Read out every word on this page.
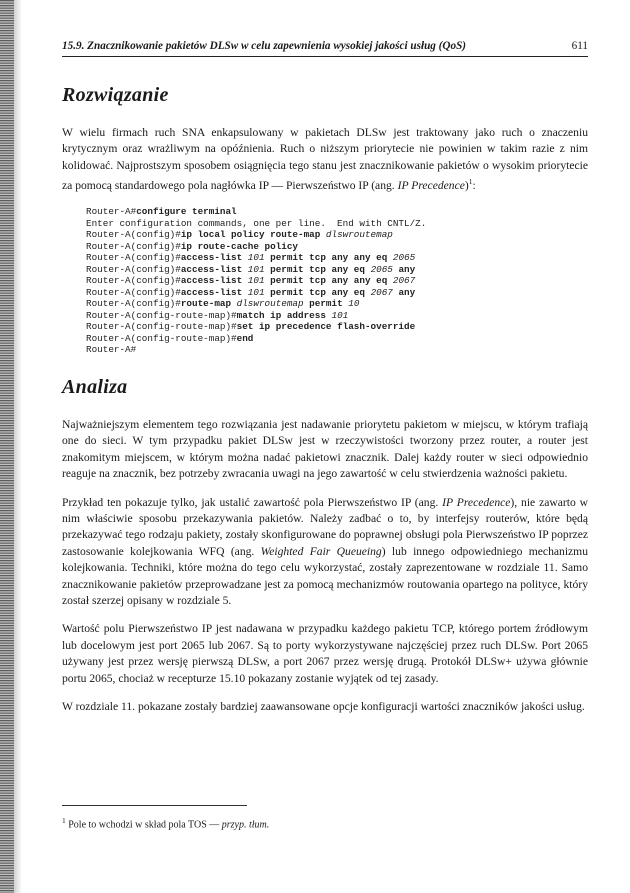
15.9. Znacznikowanie pakietów DLSw w celu zapewnienia wysokiej jakości usług (QoS)	611
Rozwiązanie

W wielu firmach ruch SNA enkapsulowany w pakietach DLSw jest traktowany jako ruch o znaczeniu krytycznym oraz wrażliwym na opóźnienia. Ruch o niższym priorytecie nie powinien w takim razie z nim kolidować. Najprostszym sposobem osiągnięcia tego stanu jest znacznikowanie pakietów o wysokim priorytecie za pomocą standardowego pola nagłówka IP — Pierwszeństwo IP (ang. IP Precedence)$^1$:

Router-A#configure terminal
Enter configuration commands, one per line.  End with CNTL/Z.
Router-A(config)#ip local policy route-map dlswroutemap
Router-A(config)#ip route-cache policy
Router-A(config)#access-list 101 permit tcp any any eq 2065
Router-A(config)#access-list 101 permit tcp any eq 2065 any
Router-A(config)#access-list 101 permit tcp any any eq 2067
Router-A(config)#access-list 101 permit tcp any eq 2067 any
Router-A(config)#route-map dlswroutemap permit 10
Router-A(config-route-map)#match ip address 101
Router-A(config-route-map)#set ip precedence flash-override
Router-A(config-route-map)#end
Router-A#
Analiza

Najważniejszym elementem tego rozwiązania jest nadawanie priorytetu pakietom w miejscu, w którym trafiają one do sieci. W tym przypadku pakiet DLSw jest w rzeczywistości tworzony przez router, a router jest znakomitym miejscem, w którym można nadać pakietowi znacznik. Dalej każdy router w sieci odpowiednio reaguje na znacznik, bez potrzeby zwracania uwagi na jego zawartość w celu stwierdzenia ważności pakietu.

Przykład ten pokazuje tylko, jak ustalić zawartość pola Pierwszeństwo IP (ang. IP Precedence), nie zawarto w nim właściwie sposobu przekazywania pakietów. Należy zadbać o to, by interfejsy routerów, które będą przekazywać tego rodzaju pakiety, zostały skonfigurowane do poprawnej obsługi pola Pierwszeństwo IP poprzez zastosowanie kolejkowania WFQ (ang. Weighted Fair Queueing) lub innego odpowiedniego mechanizmu kolejkowania. Techniki, które można do tego celu wykorzystać, zostały zaprezentowane w rozdziale 11. Samo znacznikowanie pakietów przeprowadzane jest za pomocą mechanizmów routowania opartego na polityce, który został szerzej opisany w rozdziale 5.

Wartość polu Pierwszeństwo IP jest nadawana w przypadku każdego pakietu TCP, którego portem źródłowym lub docelowym jest port 2065 lub 2067. Są to porty wykorzystywane najczęściej przez ruch DLSw. Port 2065 używany jest przez wersję pierwszą DLSw, a port 2067 przez wersję drugą. Protokół DLSw+ używa głównie portu 2065, chociaż w recepturze 15.10 pokazany zostanie wyjątek od tej zasady.

W rozdziale 11. pokazane zostały bardziej zaawansowane opcje konfiguracji wartości znaczników jakości usług.

$^1$ Pole to wchodzi w skład pola TOS — przyp. tłum.
